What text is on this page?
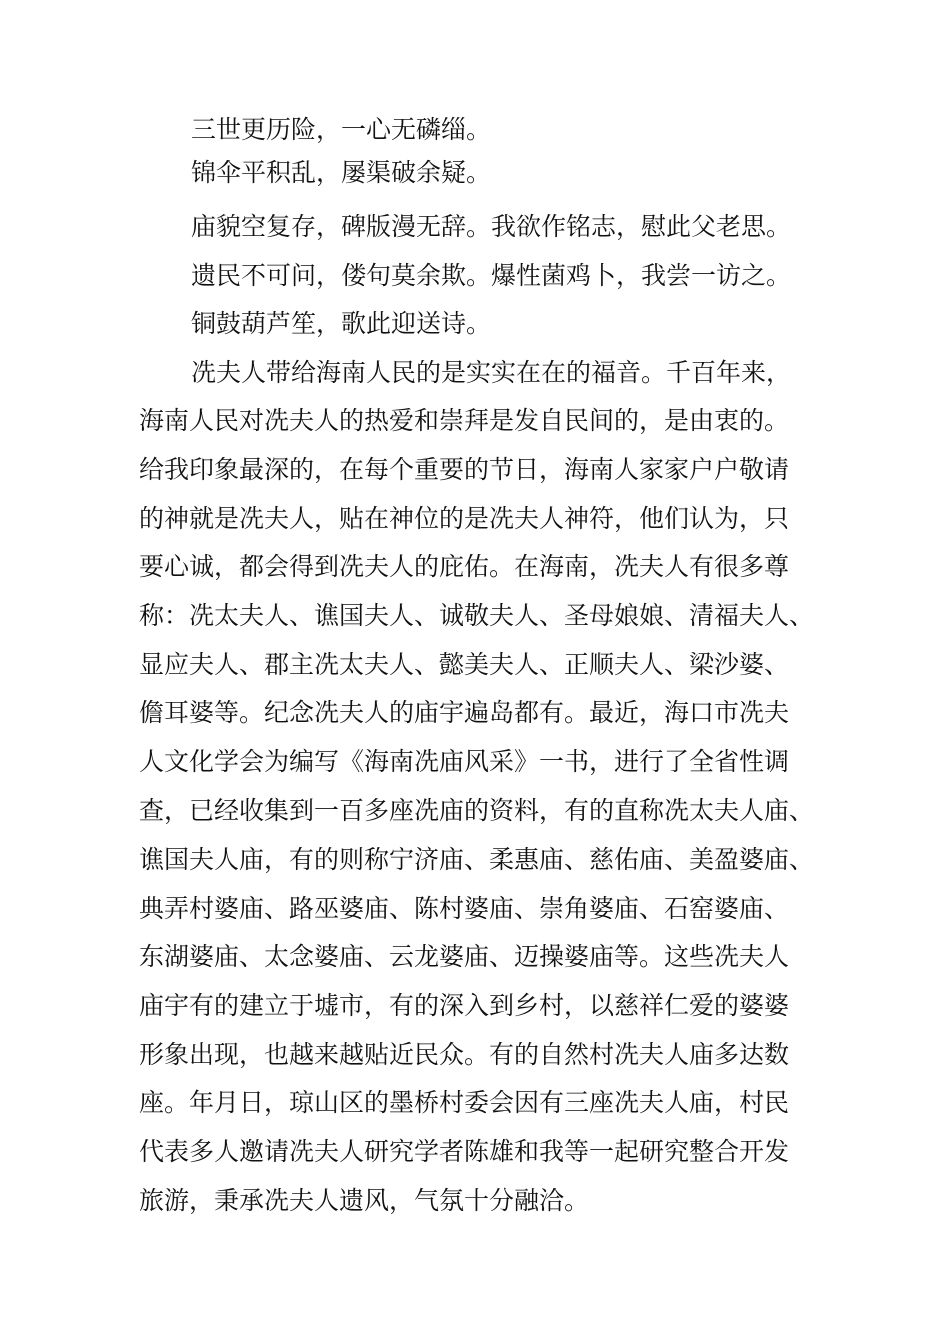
三世更历险，一心无磷缁。
锦伞平积乱，屡渠破余疑。
庙貌空复存，碑版漫无辞。我欲作铭志，慰此父老思。
遗民不可问，偻句莫余欺。爆性菌鸡卜，我尝一访之。
铜鼓葫芦笙，歌此迎送诗。
冼夫人带给海南人民的是实实在在的福音。千百年来，
海南人民对冼夫人的热爱和崇拜是发自民间的，是由衷的。
给我印象最深的，在每个重要的节日，海南人家家户户敬请
的神就是冼夫人，贴在神位的是冼夫人神符，他们认为，只
要心诚，都会得到冼夫人的庇佑。在海南，冼夫人有很多尊
称：冼太夫人、谯国夫人、诚敬夫人、圣母娘娘、清福夫人、
显应夫人、郡主冼太夫人、懿美夫人、正顺夫人、梁沙婆、
儋耳婆等。纪念冼夫人的庙宇遍岛都有。最近，海口市冼夫
人文化学会为编写《海南冼庙风采》一书，进行了全省性调
查，已经收集到一百多座冼庙的资料，有的直称冼太夫人庙、
谯国夫人庙，有的则称宁济庙、柔惠庙、慈佑庙、美盈婆庙、
典弄村婆庙、路巫婆庙、陈村婆庙、崇角婆庙、石窑婆庙、
东湖婆庙、太念婆庙、云龙婆庙、迈操婆庙等。这些冼夫人
庙宇有的建立于墟市，有的深入到乡村，以慈祥仁爱的婆婆
形象出现，也越来越贴近民众。有的自然村冼夫人庙多达数
座。年月日，琼山区的墨桥村委会因有三座冼夫人庙，村民
代表多人邀请冼夫人研究学者陈雄和我等一起研究整合开发
旅游，秉承冼夫人遗风，气氛十分融洽。
